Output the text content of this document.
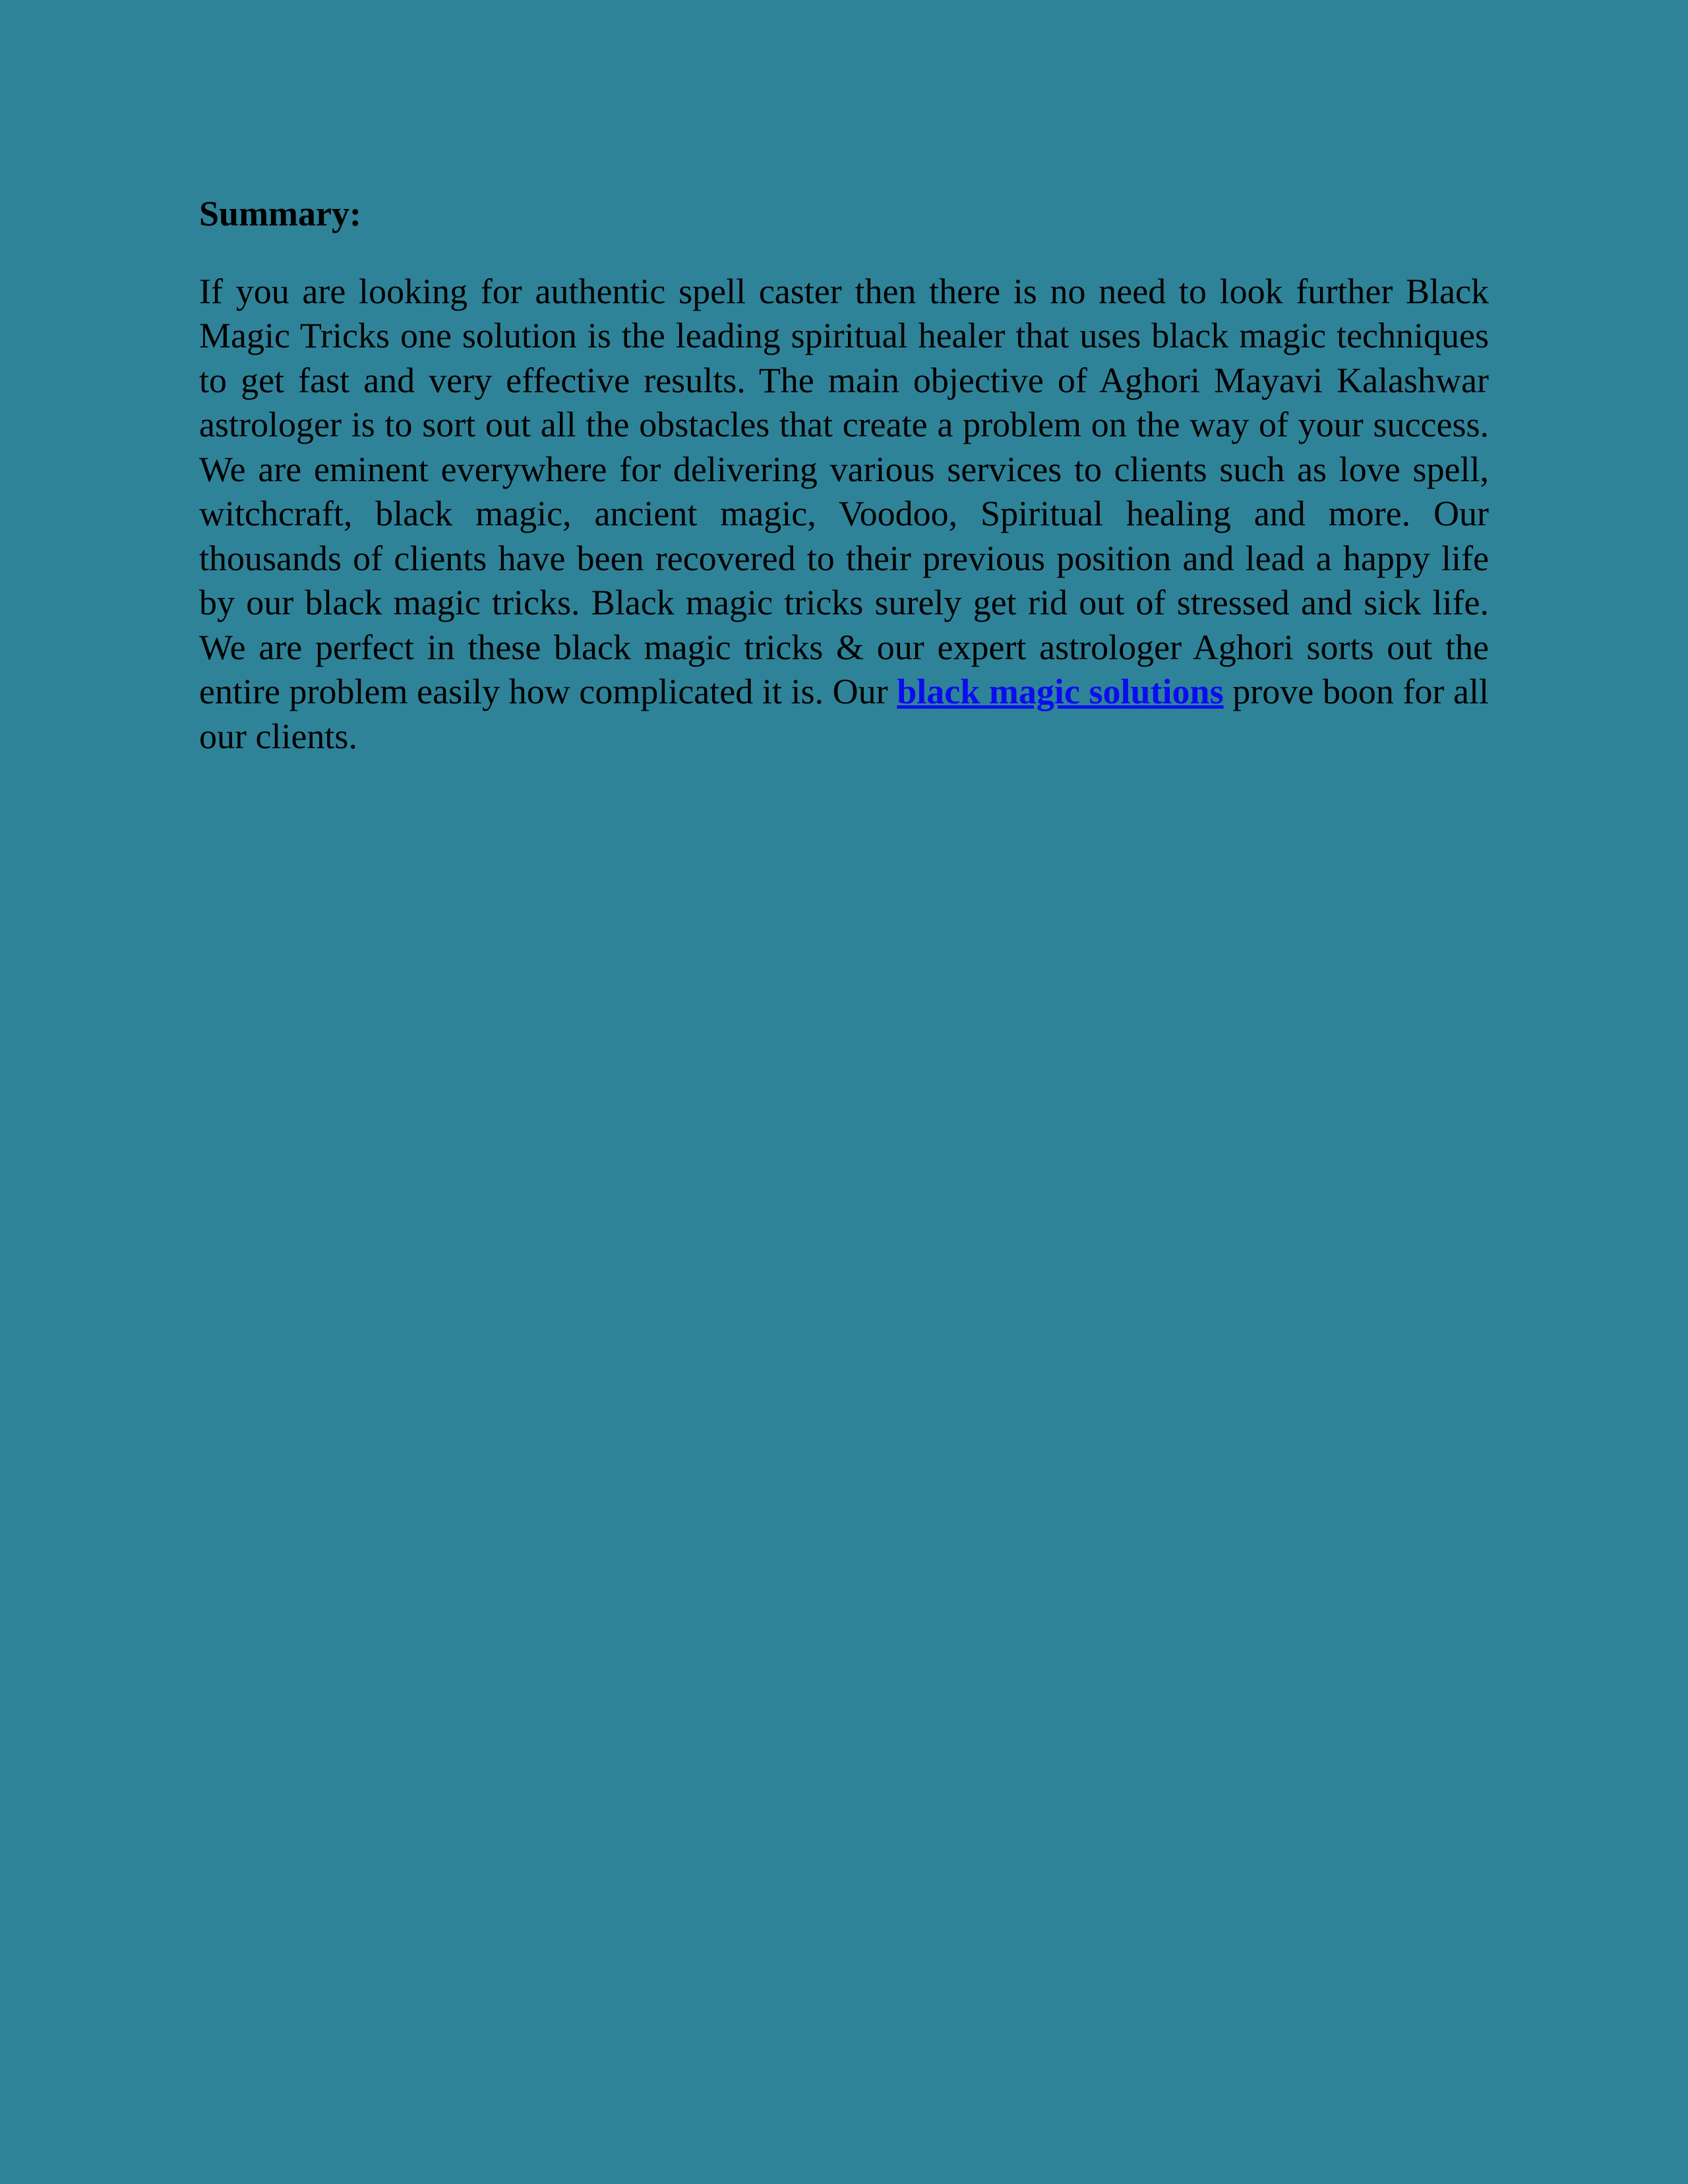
Summary:

If you are looking for authentic spell caster then there is no need to look further Black Magic Tricks one solution is the leading spiritual healer that uses black magic techniques to get fast and very effective results. The main objective of Aghori Mayavi Kalashwar astrologer is to sort out all the obstacles that create a problem on the way of your success. We are eminent everywhere for delivering various services to clients such as love spell, witchcraft, black magic, ancient magic, Voodoo, Spiritual healing and more. Our thousands of clients have been recovered to their previous position and lead a happy life by our black magic tricks. Black magic tricks surely get rid out of stressed and sick life. We are perfect in these black magic tricks & our expert astrologer Aghori sorts out the entire problem easily how complicated it is. Our black magic solutions prove boon for all our clients.
